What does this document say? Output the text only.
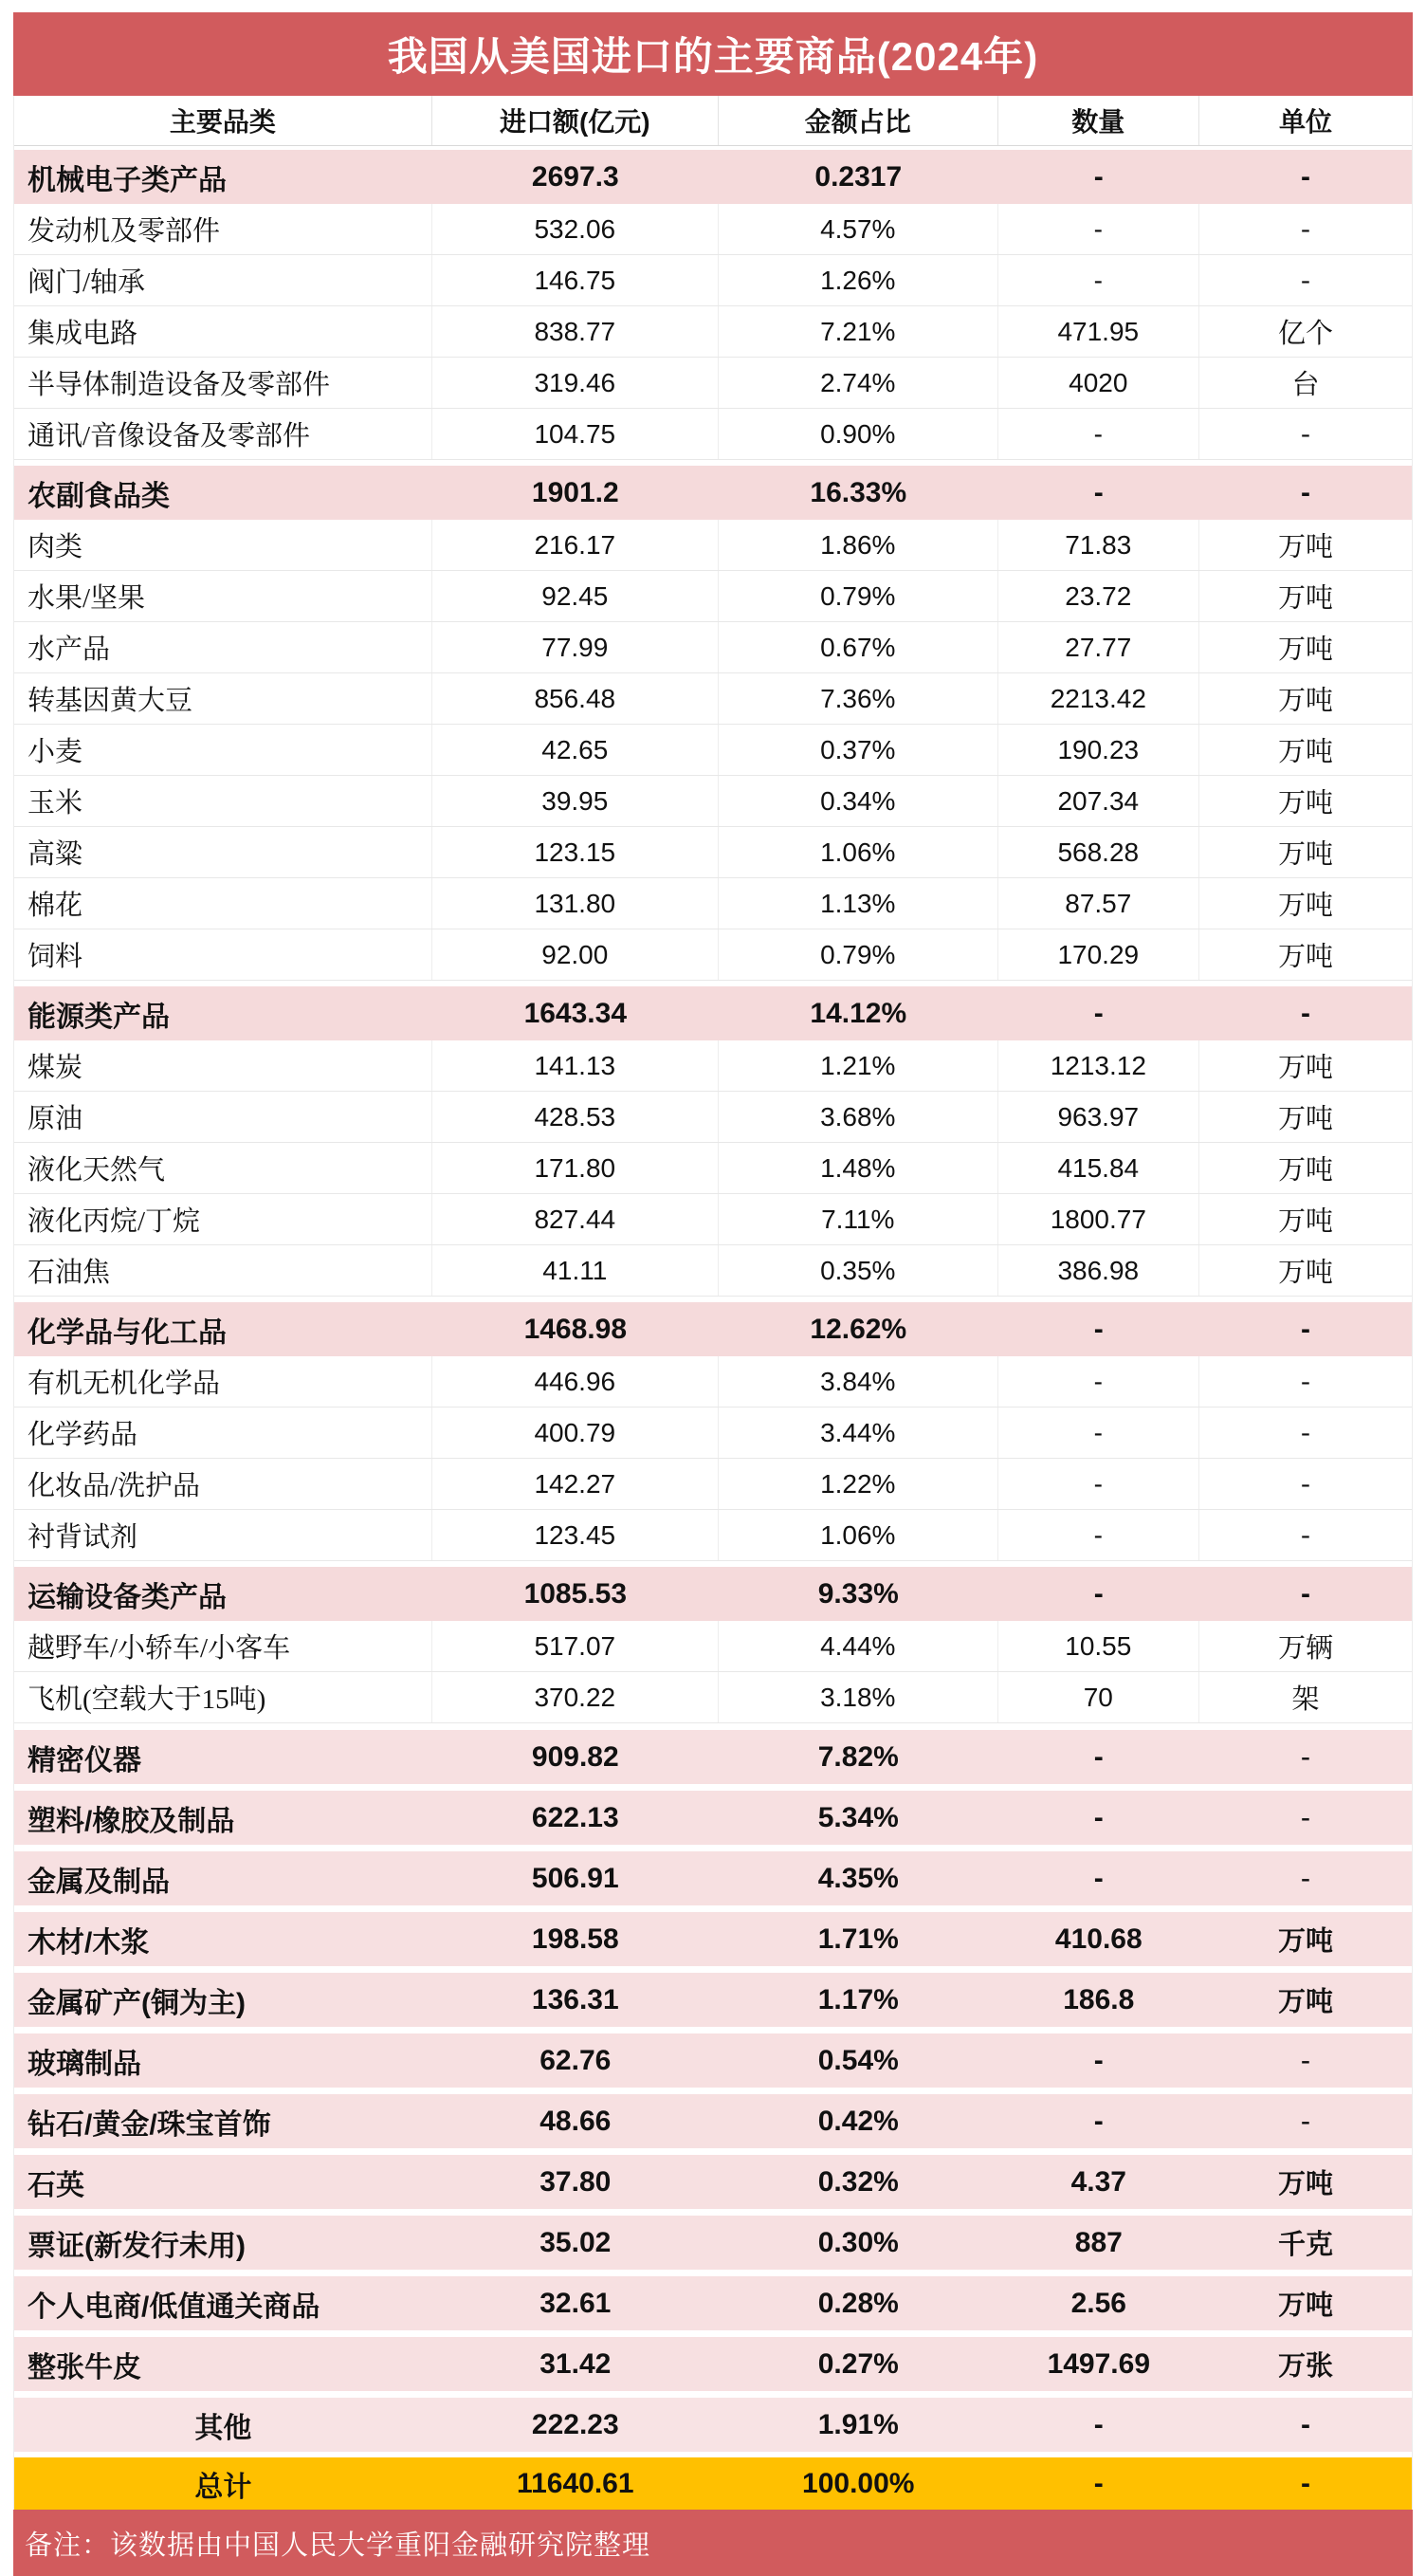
我国从美国进口的主要商品(2024年)
主要品类	进口额(亿元)	金额占比	数量	单位
机械电子类产品	2697.3	0.2317	-	-
发动机及零部件	532.06	4.57%	-	-
阀门/轴承	146.75	1.26%	-	-
集成电路	838.77	7.21%	471.95	亿个
半导体制造设备及零部件	319.46	2.74%	4020	台
通讯/音像设备及零部件	104.75	0.90%	-	-
农副食品类	1901.2	16.33%	-	-
肉类	216.17	1.86%	71.83	万吨
水果/坚果	92.45	0.79%	23.72	万吨
水产品	77.99	0.67%	27.77	万吨
转基因黄大豆	856.48	7.36%	2213.42	万吨
小麦	42.65	0.37%	190.23	万吨
玉米	39.95	0.34%	207.34	万吨
高粱	123.15	1.06%	568.28	万吨
棉花	131.80	1.13%	87.57	万吨
饲料	92.00	0.79%	170.29	万吨
能源类产品	1643.34	14.12%	-	-
煤炭	141.13	1.21%	1213.12	万吨
原油	428.53	3.68%	963.97	万吨
液化天然气	171.80	1.48%	415.84	万吨
液化丙烷/丁烷	827.44	7.11%	1800.77	万吨
石油焦	41.11	0.35%	386.98	万吨
化学品与化工品	1468.98	12.62%	-	-
有机无机化学品	446.96	3.84%	-	-
化学药品	400.79	3.44%	-	-
化妆品/洗护品	142.27	1.22%	-	-
衬背试剂	123.45	1.06%	-	-
运输设备类产品	1085.53	9.33%	-	-
越野车/小轿车/小客车	517.07	4.44%	10.55	万辆
飞机(空载大于15吨)	370.22	3.18%	70	架
精密仪器	909.82	7.82%	-	-
塑料/橡胶及制品	622.13	5.34%	-	-
金属及制品	506.91	4.35%	-	-
木材/木浆	198.58	1.71%	410.68	万吨
金属矿产(铜为主)	136.31	1.17%	186.8	万吨
玻璃制品	62.76	0.54%	-	-
钻石/黄金/珠宝首饰	48.66	0.42%	-	-
石英	37.80	0.32%	4.37	万吨
票证(新发行未用)	35.02	0.30%	887	千克
个人电商/低值通关商品	32.61	0.28%	2.56	万吨
整张牛皮	31.42	0.27%	1497.69	万张
其他	222.23	1.91%	-	-
总计	11640.61	100.00%	-	-
备注：该数据由中国人民大学重阳金融研究院整理
